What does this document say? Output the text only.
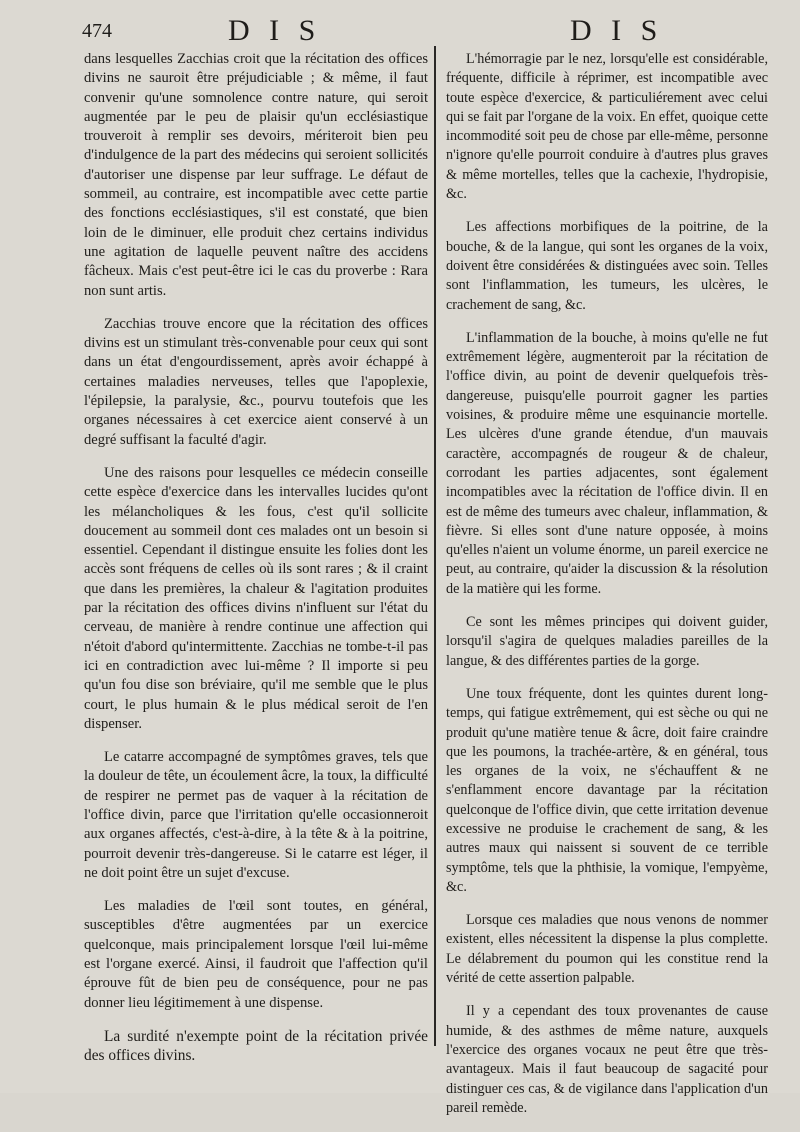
474	D I S	D I S

dans lesquelles Zacchias croit que la récitation des offices divins ne sauroit être préjudiciable ; & même, il faut convenir qu'une somnolence contre nature, qui seroit augmentée par le peu de plaisir qu'un ecclésiastique trouveroit à remplir ses devoirs, mériteroit bien peu d'indulgence de la part des médecins qui seroient sollicités d'autoriser une dispense par leur suffrage. Le défaut de sommeil, au contraire, est incompatible avec cette partie des fonctions ecclésiastiques, s'il est constaté, que bien loin de le diminuer, elle produit chez certains individus une agitation de laquelle peuvent naître des accidens fâcheux. Mais c'est peut-être ici le cas du proverbe : Rara non sunt artis.

Zacchias trouve encore que la récitation des offices divins est un stimulant très-convenable pour ceux qui sont dans un état d'engourdissement, après avoir échappé à certaines maladies nerveuses, telles que l'apoplexie, l'épilepsie, la paralysie, &c., pourvu toutefois que les organes nécessaires à cet exercice aient conservé à un degré suffisant la faculté d'agir.

Une des raisons pour lesquelles ce médecin conseille cette espèce d'exercice dans les intervalles lucides qu'ont les mélancholiques & les fous, c'est qu'il sollicite doucement au sommeil dont ces malades ont un besoin si essentiel. Cependant il distingue ensuite les folies dont les accès sont fréquens de celles où ils sont rares ; & il craint que dans les premières, la chaleur & l'agitation produites par la récitation des offices divins n'influent sur l'état du cerveau, de manière à rendre continue une affection qui n'étoit d'abord qu'intermittente. Zacchias ne tombe-t-il pas ici en contradiction avec lui-même ? Il importe si peu qu'un fou dise son bréviaire, qu'il me semble que le plus court, le plus humain & le plus médical seroit de l'en dispenser.

Le catarre accompagné de symptômes graves, tels que la douleur de tête, un écoulement âcre, la toux, la difficulté de respirer ne permet pas de vaquer à la récitation de l'office divin, parce que l'irritation qu'elle occasionneroit aux organes affectés, c'est-à-dire, à la tête & à la poitrine, pourroit devenir très-dangereuse. Si le catarre est léger, il ne doit point être un sujet d'excuse.

Les maladies de l'œil sont toutes, en général, susceptibles d'être augmentées par un exercice quelconque, mais principalement lorsque l'œil lui-même est l'organe exercé. Ainsi, il faudroit que l'affection qu'il éprouve fût de bien peu de conséquence, pour ne pas donner lieu légitimement à une dispense.

La surdité n'exempte point de la récitation privée des offices divins.

L'hémorragie par le nez, lorsqu'elle est considérable, fréquente, difficile à réprimer, est incompatible avec toute espèce d'exercice, & particuliérement avec celui qui se fait par l'organe de la voix. En effet, quoique cette incommodité soit peu de chose par elle-même, personne n'ignore qu'elle pourroit conduire à d'autres plus graves & même mortelles, telles que la cachexie, l'hydropisie, &c.

Les affections morbifiques de la poitrine, de la bouche, & de la langue, qui sont les organes de la voix, doivent être considérées & distinguées avec soin. Telles sont l'inflammation, les tumeurs, les ulcères, le crachement de sang, &c.

L'inflammation de la bouche, à moins qu'elle ne fut extrêmement légère, augmenteroit par la récitation de l'office divin, au point de devenir quelquefois très-dangereuse, puisqu'elle pourroit gagner les parties voisines, & produire même une esquinancie mortelle. Les ulcères d'une grande étendue, d'un mauvais caractère, accompagnés de rougeur & de chaleur, corrodant les parties adjacentes, sont également incompatibles avec la récitation de l'office divin. Il en est de même des tumeurs avec chaleur, inflammation, & fièvre. Si elles sont d'une nature opposée, à moins qu'elles n'aient un volume énorme, un pareil exercice ne peut, au contraire, qu'aider la discussion & la résolution de la matière qui les forme.

Ce sont les mêmes principes qui doivent guider, lorsqu'il s'agira de quelques maladies pareilles de la langue, & des différentes parties de la gorge.

Une toux fréquente, dont les quintes durent long-temps, qui fatigue extrêmement, qui est sèche ou qui ne produit qu'une matière tenue & âcre, doit faire craindre que les poumons, la trachée-artère, & en général, tous les organes de la voix, ne s'échauffent & ne s'enflamment encore davantage par la récitation quelconque de l'office divin, que cette irritation devenue excessive ne produise le crachement de sang, & les autres maux qui naissent si souvent de ce terrible symptôme, tels que la phthisie, la vomique, l'empyème, &c.

Lorsque ces maladies que nous venons de nommer existent, elles nécessitent la dispense la plus complette. Le délabrement du poumon qui les constitue rend la vérité de cette assertion palpable.

Il y a cependant des toux provenantes de cause humide, & des asthmes de même nature, auxquels l'exercice des organes vocaux ne peut être que très-avantageux. Mais il faut beaucoup de sagacité pour distinguer ces cas, & de vigilance dans l'application d'un pareil remède.
